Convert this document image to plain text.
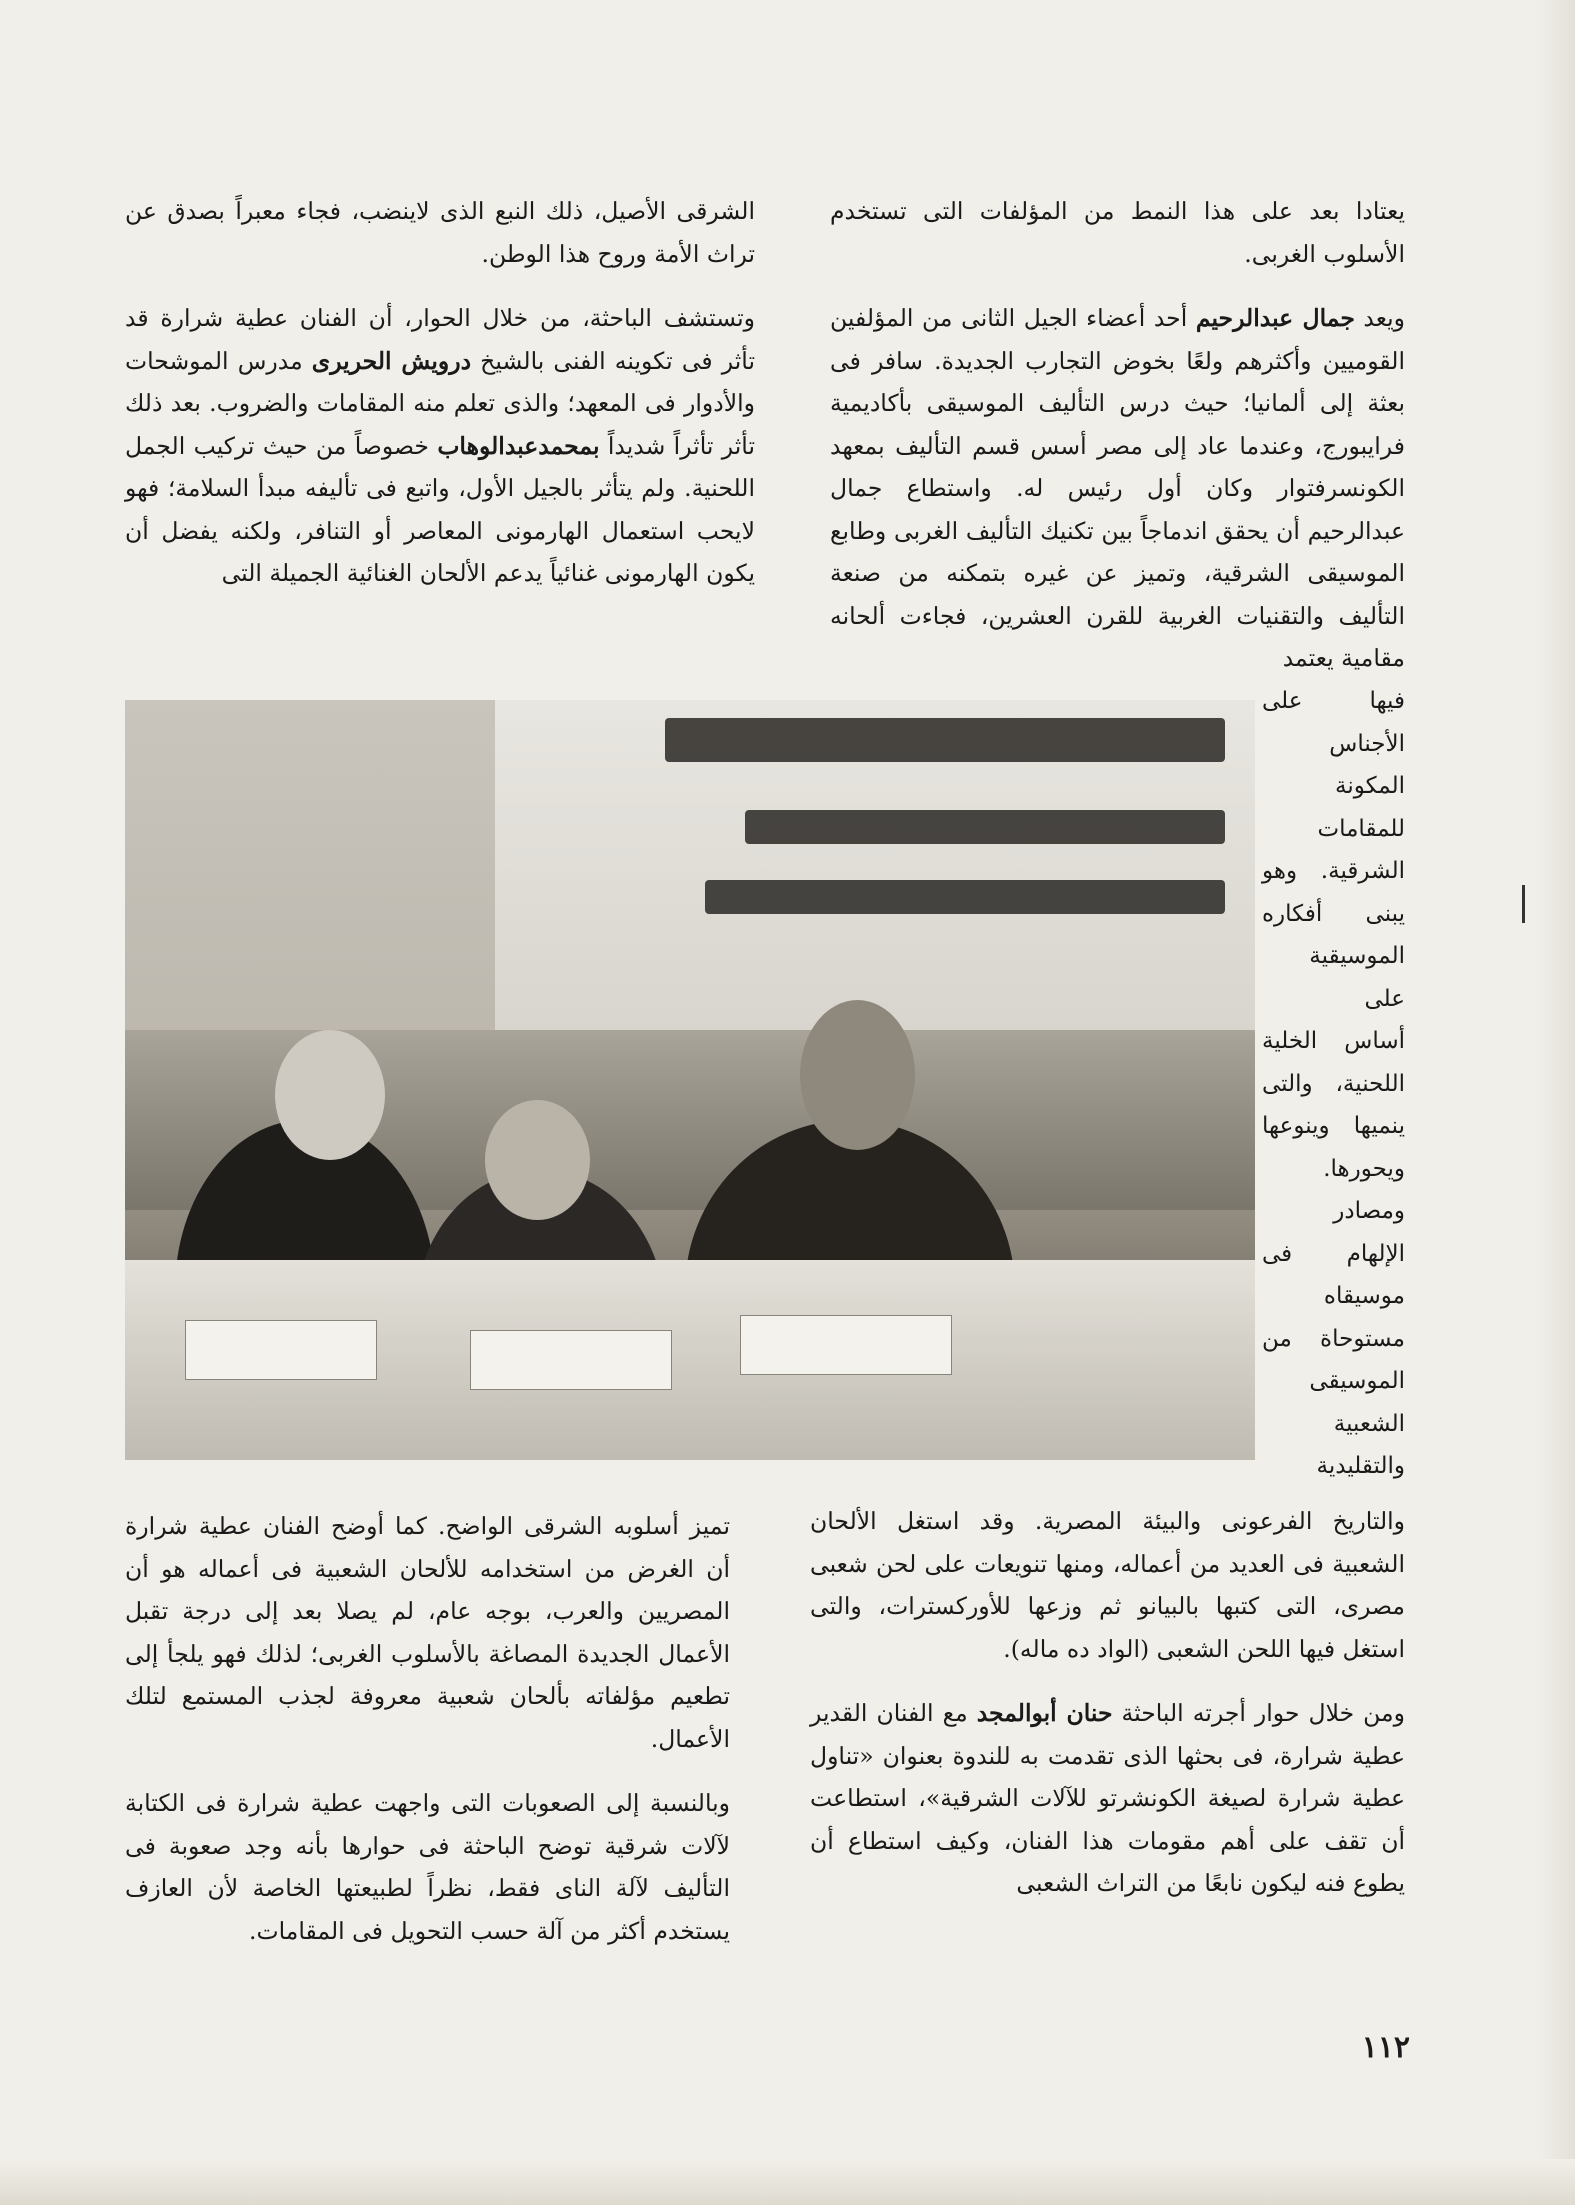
يعتادا بعد على هذا النمط من المؤلفات التى تستخدم الأسلوب الغربى.

ويعد جمال عبدالرحيم أحد أعضاء الجيل الثانى من المؤلفين القوميين وأكثرهم ولعًا بخوض التجارب الجديدة. سافر فى بعثة إلى ألمانيا؛ حيث درس التأليف الموسيقى بأكاديمية فرايبورج، وعندما عاد إلى مصر أسس قسم التأليف بمعهد الكونسرفتوار وكان أول رئيس له. واستطاع جمال عبدالرحيم أن يحقق اندماجاً بين تكنيك التأليف الغربى وطابع الموسيقى الشرقية، وتميز عن غيره بتمكنه من صنعة التأليف والتقنيات الغربية للقرن العشرين، فجاءت ألحانه مقامية يعتمد

فيها على

الأجناس

المكونة

للمقامات

الشرقية. وهو

يبنى أفكاره

الموسيقية على

أساس الخلية

اللحنية، والتى

ينميها وينوعها

ويحورها.

ومصادر

الإلهام فى

موسيقاه

مستوحاة من

الموسيقى

الشعبية

والتقليدية

الشرقى الأصيل، ذلك النبع الذى لاينضب، فجاء معبراً بصدق عن تراث الأمة وروح هذا الوطن.

وتستشف الباحثة، من خلال الحوار، أن الفنان عطية شرارة قد تأثر فى تكوينه الفنى بالشيخ درويش الحريرى مدرس الموشحات والأدوار فى المعهد؛ والذى تعلم منه المقامات والضروب. بعد ذلك تأثر تأثراً شديداً بمحمدعبدالوهاب خصوصاً من حيث تركيب الجمل اللحنية. ولم يتأثر بالجيل الأول، واتبع فى تأليفه مبدأ السلامة؛ فهو لايحب استعمال الهارمونى المعاصر أو التنافر، ولكنه يفضل أن يكون الهارمونى غنائياً يدعم الألحان الغنائية الجميلة التى

والتاريخ الفرعونى والبيئة المصرية. وقد استغل الألحان الشعبية فى العديد من أعماله، ومنها تنويعات على لحن شعبى مصرى، التى كتبها بالبيانو ثم وزعها للأوركسترات، والتى استغل فيها اللحن الشعبى (الواد ده ماله).

ومن خلال حوار أجرته الباحثة حنان أبوالمجد مع الفنان القدير عطية شرارة، فى بحثها الذى تقدمت به للندوة بعنوان «تناول عطية شرارة لصيغة الكونشرتو للآلات الشرقية»، استطاعت أن تقف على أهم مقومات هذا الفنان، وكيف استطاع أن يطوع فنه ليكون نابعًا من التراث الشعبى

تميز أسلوبه الشرقى الواضح. كما أوضح الفنان عطية شرارة أن الغرض من استخدامه للألحان الشعبية فى أعماله هو أن المصريين والعرب، بوجه عام، لم يصلا بعد إلى درجة تقبل الأعمال الجديدة المصاغة بالأسلوب الغربى؛ لذلك فهو يلجأ إلى تطعيم مؤلفاته بألحان شعبية معروفة لجذب المستمع لتلك الأعمال.

وبالنسبة إلى الصعوبات التى واجهت عطية شرارة فى الكتابة لآلات شرقية توضح الباحثة فى حوارها بأنه وجد صعوبة فى التأليف لآلة الناى فقط، نظراً لطبيعتها الخاصة لأن العازف يستخدم أكثر من آلة حسب التحويل فى المقامات.

١١٢
